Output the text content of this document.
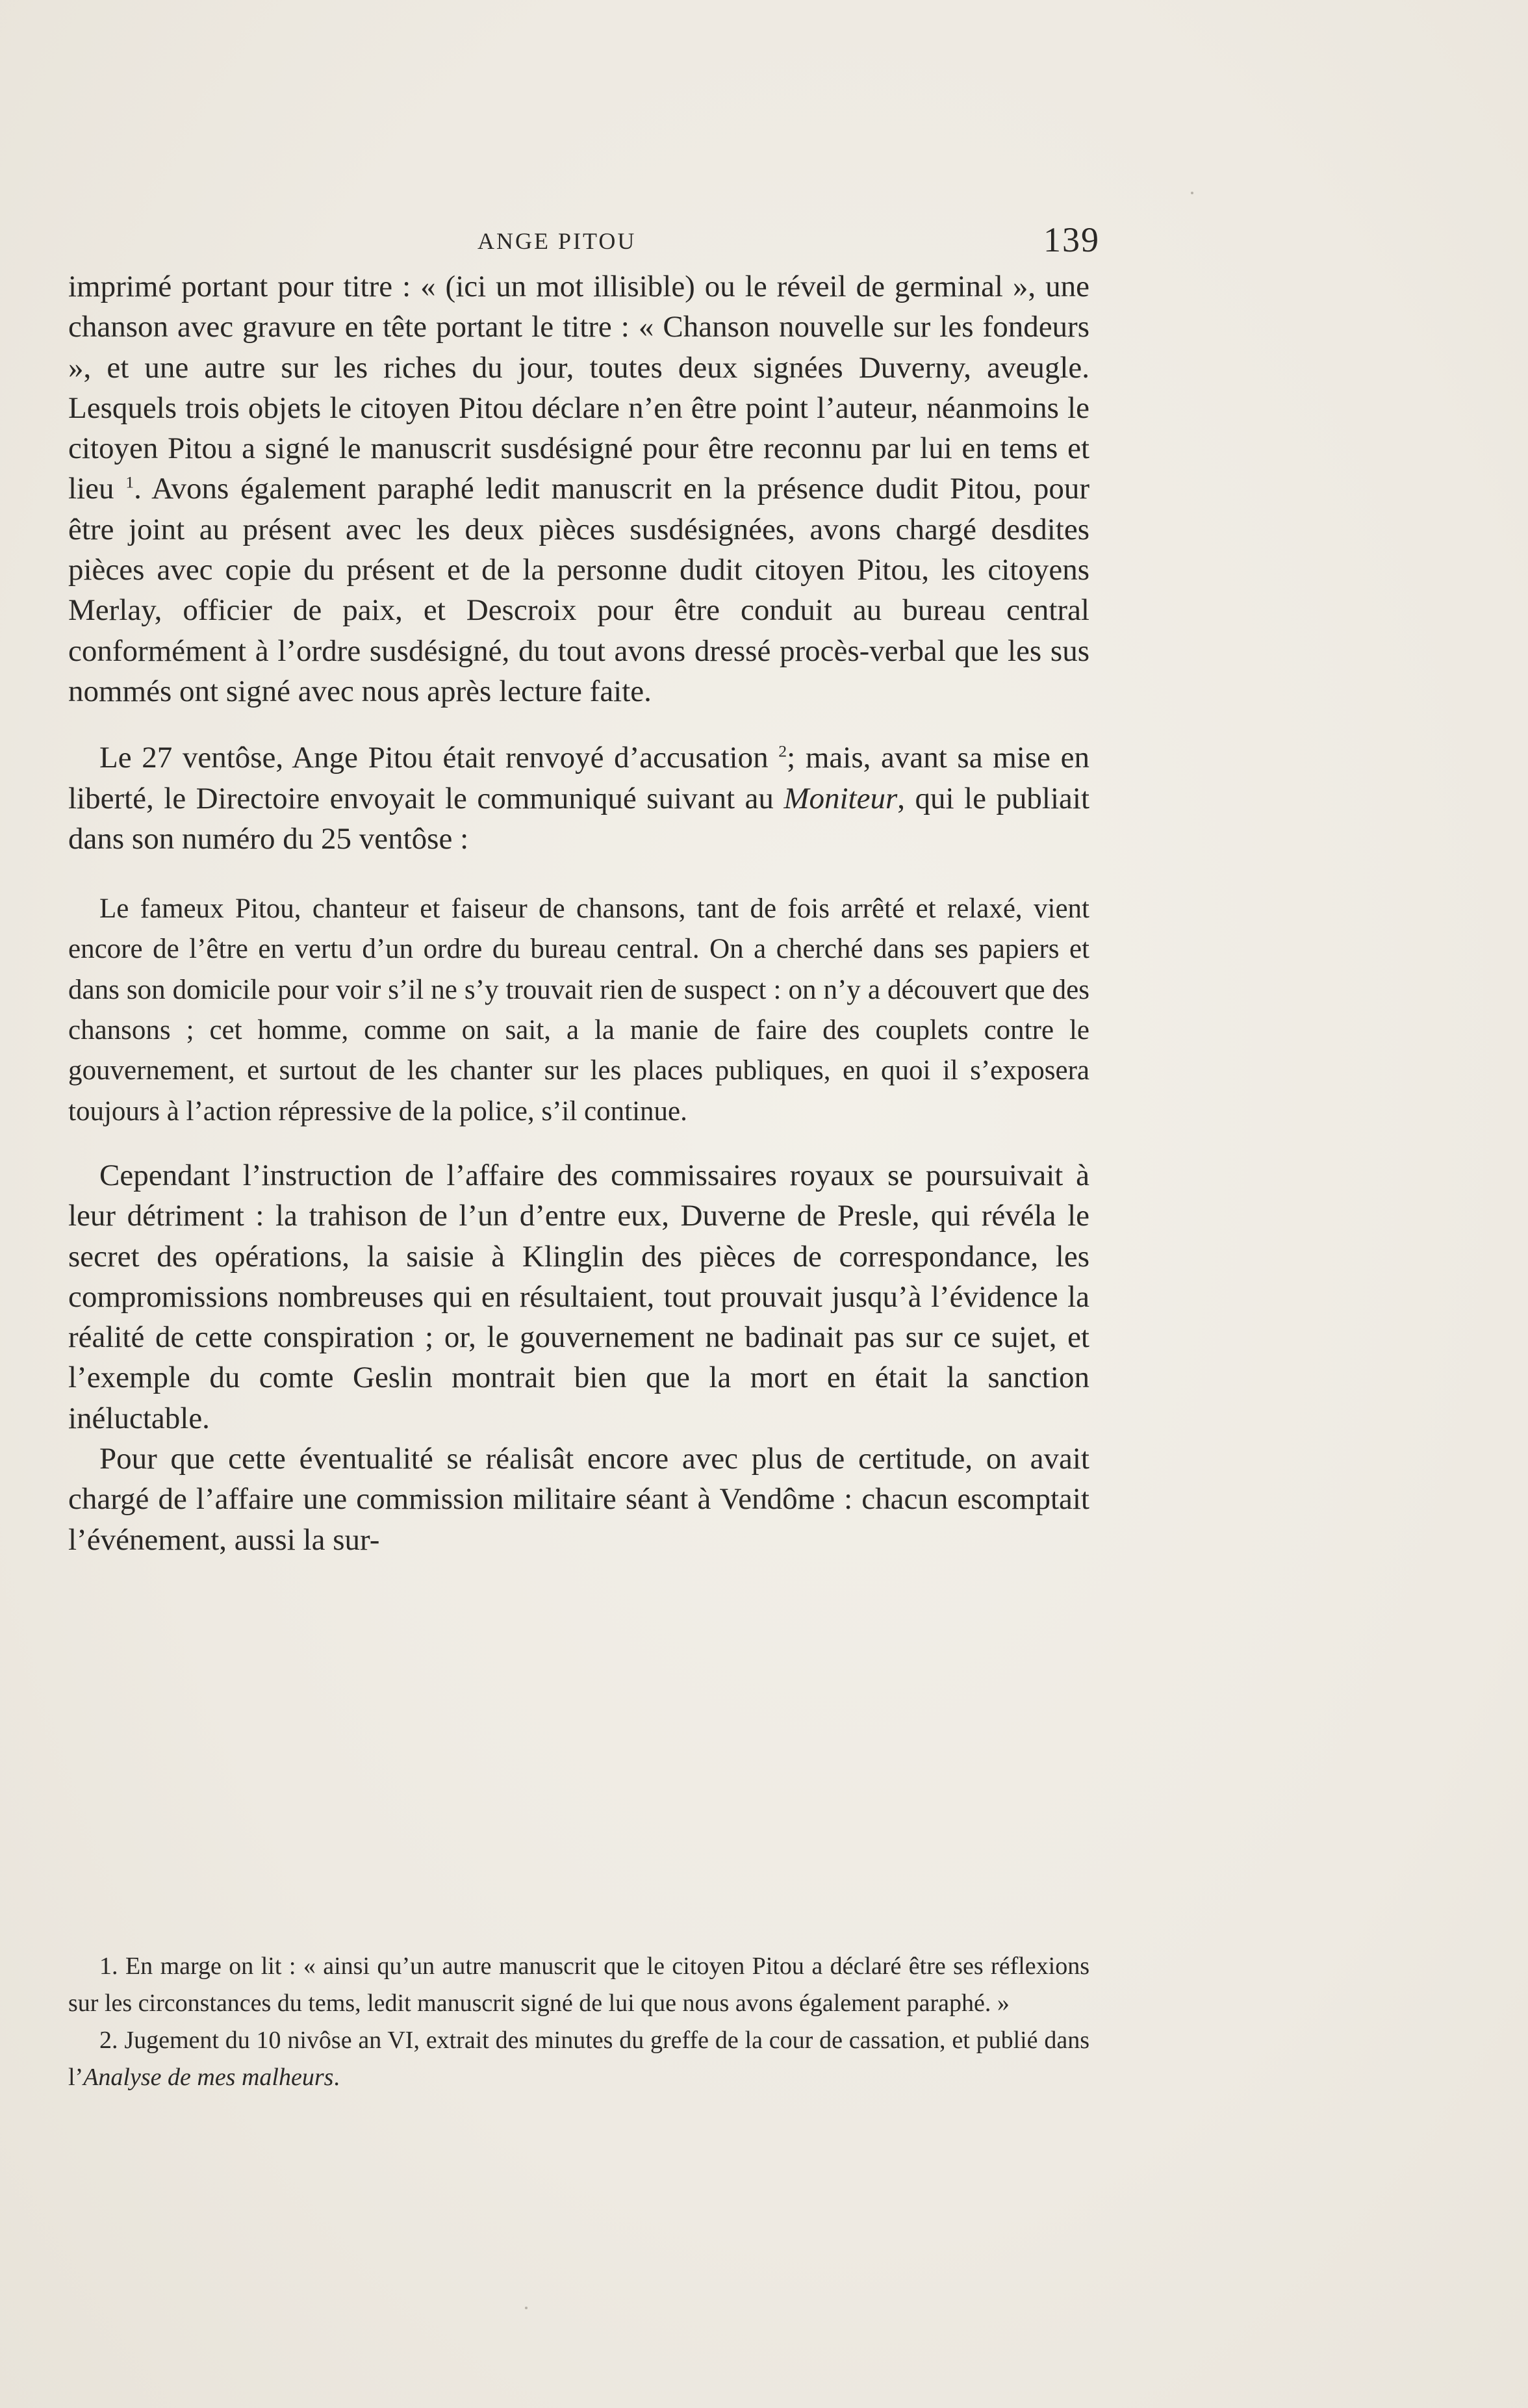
ANGE PITOU	139

imprimé portant pour titre : « (ici un mot illisible) ou le réveil de germinal », une chanson avec gravure en tête portant le titre : « Chanson nouvelle sur les fondeurs », et une autre sur les riches du jour, toutes deux signées Duverny, aveugle. Lesquels trois objets le citoyen Pitou déclare n’en être point l’auteur, néanmoins le citoyen Pitou a signé le manuscrit susdésigné pour être reconnu par lui en tems et lieu $^1$. Avons également paraphé ledit manuscrit en la présence dudit Pitou, pour être joint au présent avec les deux pièces susdésignées, avons chargé desdites pièces avec copie du présent et de la personne dudit citoyen Pitou, les citoyens Merlay, officier de paix, et Descroix pour être conduit au bureau central conformément à l’ordre susdésigné, du tout avons dressé procès-verbal que les sus nommés ont signé avec nous après lecture faite.

Le 27 ventôse, Ange Pitou était renvoyé d’accusation $^2$; mais, avant sa mise en liberté, le Directoire envoyait le communiqué suivant au Moniteur, qui le publiait dans son numéro du 25 ventôse :

Le fameux Pitou, chanteur et faiseur de chansons, tant de fois arrêté et relaxé, vient encore de l’être en vertu d’un ordre du bureau central. On a cherché dans ses papiers et dans son domicile pour voir s’il ne s’y trouvait rien de suspect : on n’y a découvert que des chansons ; cet homme, comme on sait, a la manie de faire des couplets contre le gouvernement, et surtout de les chanter sur les places publiques, en quoi il s’exposera toujours à l’action répressive de la police, s’il continue.

Cependant l’instruction de l’affaire des commissaires royaux se poursuivait à leur détriment : la trahison de l’un d’entre eux, Duverne de Presle, qui révéla le secret des opérations, la saisie à Klinglin des pièces de correspondance, les compromissions nombreuses qui en résultaient, tout prouvait jusqu’à l’évidence la réalité de cette conspiration ; or, le gouvernement ne badinait pas sur ce sujet, et l’exemple du comte Geslin montrait bien que la mort en était la sanction inéluctable.

Pour que cette éventualité se réalisât encore avec plus de certitude, on avait chargé de l’affaire une commission militaire séant à Vendôme : chacun escomptait l’événement, aussi la sur-

1. En marge on lit : « ainsi qu’un autre manuscrit que le citoyen Pitou a déclaré être ses réflexions sur les circonstances du tems, ledit manuscrit signé de lui que nous avons également paraphé. »

2. Jugement du 10 nivôse an VI, extrait des minutes du greffe de la cour de cassation, et publié dans l’Analyse de mes malheurs.
